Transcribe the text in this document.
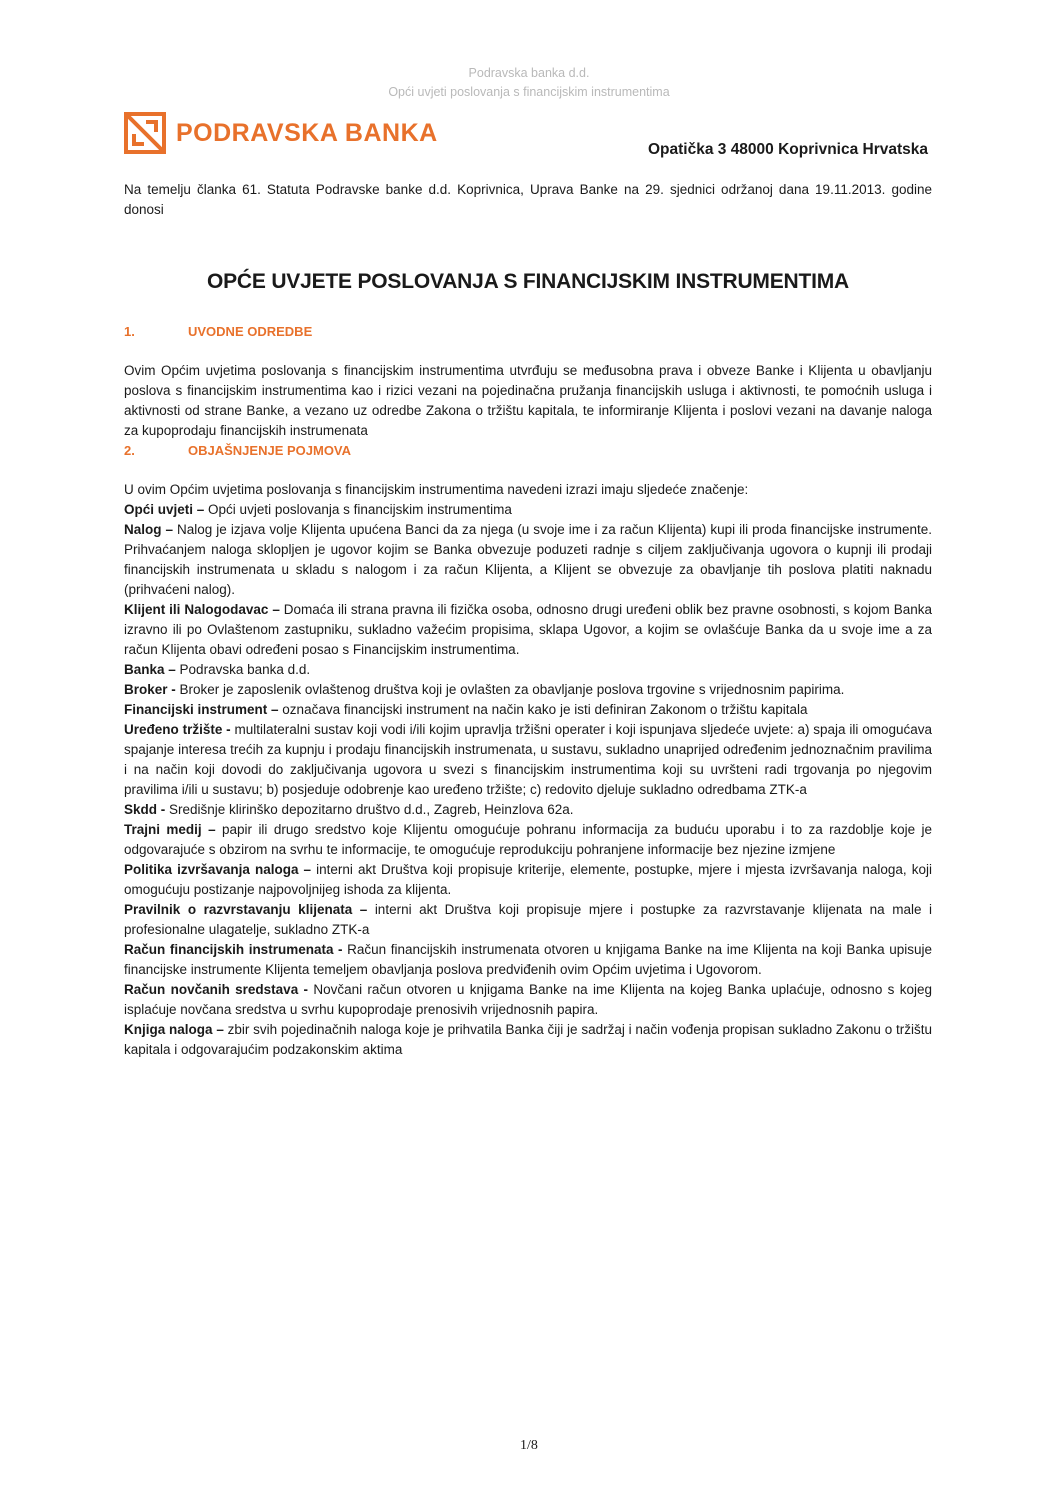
Podravska banka d.d.
Opći uvjeti poslovanja s financijskim instrumentima
PODRAVSKA BANKA
Opatička 3 48000 Koprivnica Hrvatska

Na temelju članka 61. Statuta Podravske banke d.d. Koprivnica, Uprava Banke na 29. sjednici održanoj dana 19.11.2013. godine donosi

OPĆE UVJETE POSLOVANJA S FINANCIJSKIM INSTRUMENTIMA
1.	UVODNE ODREDBE

Ovim Općim uvjetima poslovanja s financijskim instrumentima utvrđuju se međusobna prava i obveze Banke i Klijenta u obavljanju poslova s financijskim instrumentima kao i rizici vezani na pojedinačna pružanja financijskih usluga i aktivnosti, te pomoćnih usluga i aktivnosti od strane Banke, a vezano uz odredbe Zakona o tržištu kapitala, te informiranje Klijenta i poslovi vezani na davanje naloga za kupoprodaju financijskih instrumenata

2.	OBJAŠNJENJE POJMOVA

U ovim Općim uvjetima poslovanja s financijskim instrumentima navedeni izrazi imaju sljedeće značenje:

Opći uvjeti – Opći uvjeti poslovanja s financijskim instrumentima

Nalog – Nalog je izjava volje Klijenta upućena Banci da za njega (u svoje ime i za račun Klijenta) kupi ili proda financijske instrumente. Prihvaćanjem naloga sklopljen je ugovor kojim se Banka obvezuje poduzeti radnje s ciljem zaključivanja ugovora o kupnji ili prodaji financijskih instrumenata u skladu s nalogom i za račun Klijenta, a Klijent se obvezuje za obavljanje tih poslova platiti naknadu (prihvaćeni nalog).

Klijent ili Nalogodavac – Domaća ili strana pravna ili fizička osoba, odnosno drugi uređeni oblik bez pravne osobnosti, s kojom Banka izravno ili po Ovlaštenom zastupniku, sukladno važećim propisima, sklapa Ugovor, a kojim se ovlašćuje Banka da u svoje ime a za račun Klijenta obavi određeni posao s Financijskim instrumentima.

Banka – Podravska banka d.d.

Broker - Broker je zaposlenik ovlaštenog društva koji je ovlašten za obavljanje poslova trgovine s vrijednosnim papirima.

Financijski instrument – označava financijski instrument na način kako je isti definiran Zakonom o tržištu kapitala

Uređeno tržište - multilateralni sustav koji vodi i/ili kojim upravlja tržišni operater i koji ispunjava sljedeće uvjete: a) spaja ili omogućava spajanje interesa trećih za kupnju i prodaju financijskih instrumenata, u sustavu, sukladno unaprijed određenim jednoznačnim pravilima i na način koji dovodi do zaključivanja ugovora u svezi s financijskim instrumentima koji su uvršteni radi trgovanja po njegovim pravilima i/ili u sustavu; b) posjeduje odobrenje kao uređeno tržište; c) redovito djeluje sukladno odredbama ZTK-a

Skdd - Središnje klirinško depozitarno društvo d.d., Zagreb, Heinzlova 62a.

Trajni medij – papir ili drugo sredstvo koje Klijentu omogućuje pohranu informacija za buduću uporabu i to za razdoblje koje je odgovarajuće s obzirom na svrhu te informacije, te omogućuje reprodukciju pohranjene informacije bez njezine izmjene

Politika izvršavanja naloga – interni akt Društva koji propisuje kriterije, elemente, postupke, mjere i mjesta izvršavanja naloga, koji omogućuju postizanje najpovoljnijeg ishoda za klijenta.

Pravilnik o razvrstavanju klijenata – interni akt Društva koji propisuje mjere i postupke za razvrstavanje klijenata na male i profesionalne ulagatelje, sukladno ZTK-a

Račun financijskih instrumenata - Račun financijskih instrumenata otvoren u knjigama Banke na ime Klijenta na koji Banka upisuje financijske instrumente Klijenta temeljem obavljanja poslova predviđenih ovim Općim uvjetima i Ugovorom.

Račun novčanih sredstava - Novčani račun otvoren u knjigama Banke na ime Klijenta na kojeg Banka uplaćuje, odnosno s kojeg isplaćuje novčana sredstva u svrhu kupoprodaje prenosivih vrijednosnih papira.

Knjiga naloga – zbir svih pojedinačnih naloga koje je prihvatila Banka čiji je sadržaj i način vođenja propisan sukladno Zakonu o tržištu kapitala i odgovarajućim podzakonskim aktima

1/8
